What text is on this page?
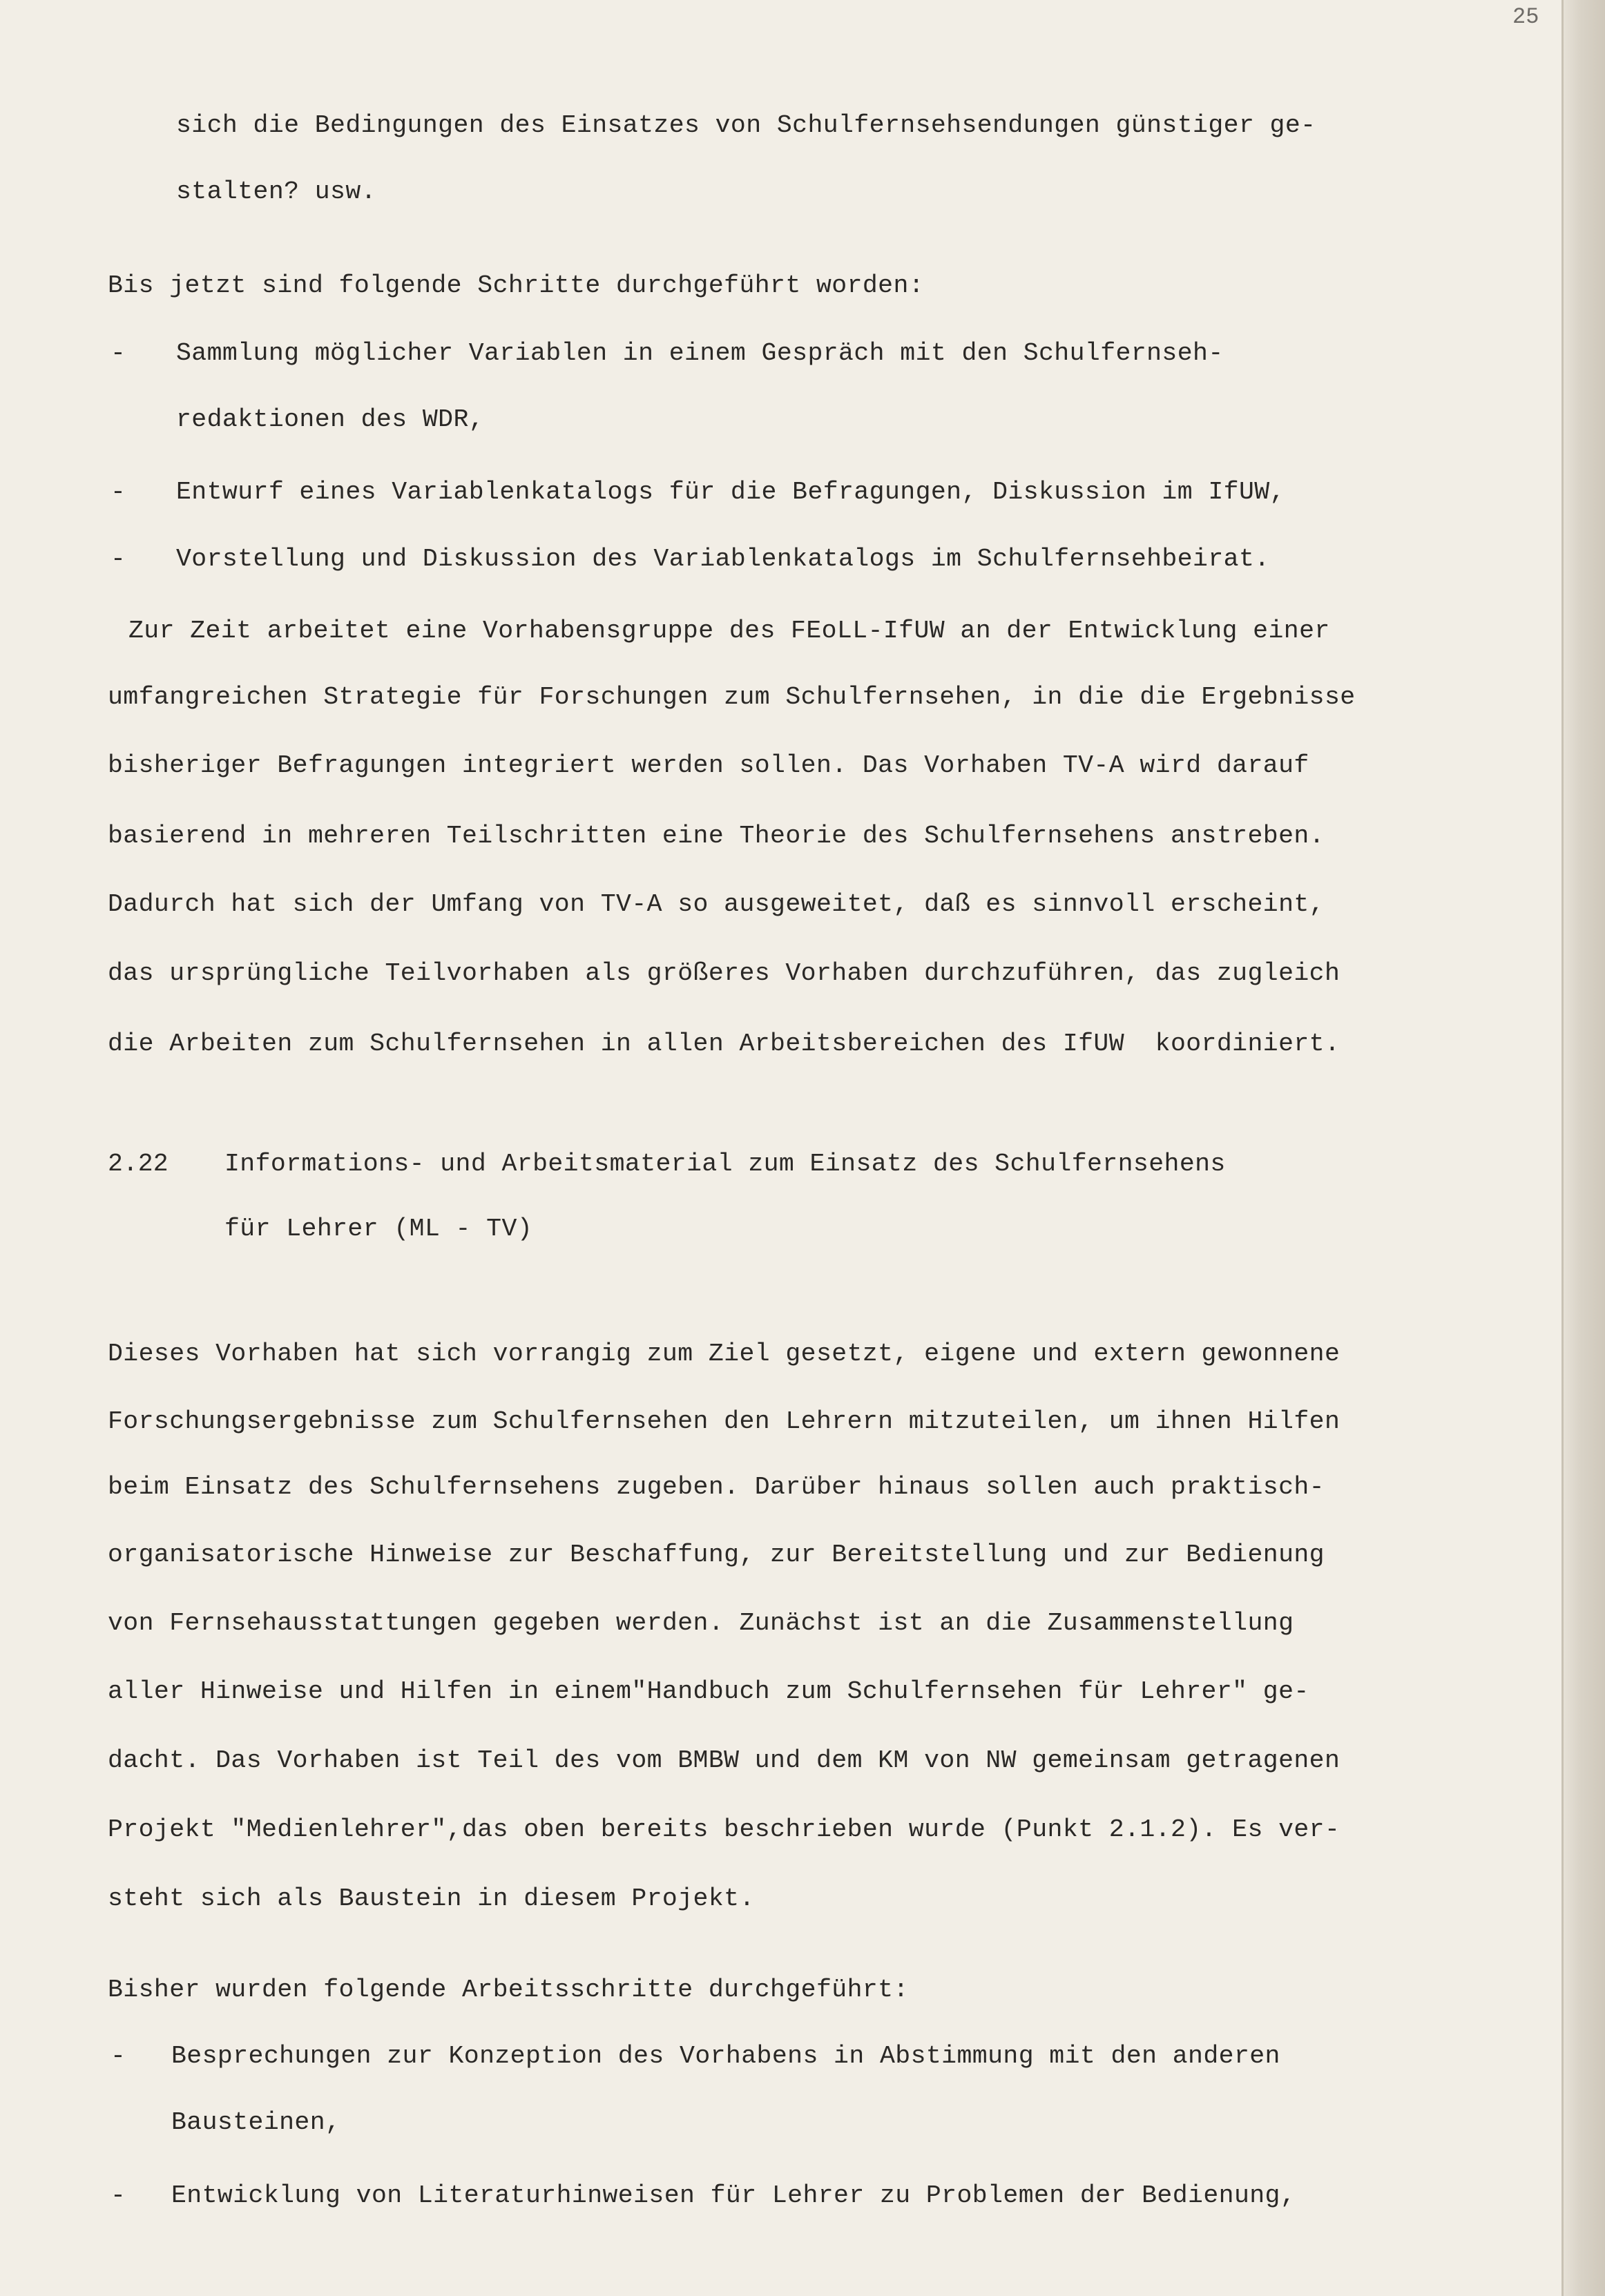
25
sich die Bedingungen des Einsatzes von Schulfernsehsendungen günstiger ge-
stalten? usw.
Bis jetzt sind folgende Schritte durchgeführt worden:
- Sammlung möglicher Variablen in einem Gespräch mit den Schulfernseh-
redaktionen des WDR,
- Entwurf eines Variablenkatalogs für die Befragungen, Diskussion im IfUW,
- Vorstellung und Diskussion des Variablenkatalogs im Schulfernsehbeirat.
Zur Zeit arbeitet eine Vorhabensgruppe des FEoLL-IfUW an der Entwicklung einer
umfangreichen Strategie für Forschungen zum Schulfernsehen, in die die Ergebnisse
bisheriger Befragungen integriert werden sollen. Das Vorhaben TV-A wird darauf
basierend in mehreren Teilschritten eine Theorie des Schulfernsehens anstreben.
Dadurch hat sich der Umfang von TV-A so ausgeweitet, daß es sinnvoll erscheint,
das ursprüngliche Teilvorhaben als größeres Vorhaben durchzuführen, das zugleich
die Arbeiten zum Schulfernsehen in allen Arbeitsbereichen des IfUW  koordiniert.
2.22 Informations- und Arbeitsmaterial zum Einsatz des Schulfernsehens
für Lehrer (ML - TV)
Dieses Vorhaben hat sich vorrangig zum Ziel gesetzt, eigene und extern gewonnene
Forschungsergebnisse zum Schulfernsehen den Lehrern mitzuteilen, um ihnen Hilfen
beim Einsatz des Schulfernsehens zugeben. Darüber hinaus sollen auch praktisch-
organisatorische Hinweise zur Beschaffung, zur Bereitstellung und zur Bedienung
von Fernsehausstattungen gegeben werden. Zunächst ist an die Zusammenstellung
aller Hinweise und Hilfen in einem"Handbuch zum Schulfernsehen für Lehrer" ge-
dacht. Das Vorhaben ist Teil des vom BMBW und dem KM von NW gemeinsam getragenen
Projekt "Medienlehrer",das oben bereits beschrieben wurde (Punkt 2.1.2). Es ver-
steht sich als Baustein in diesem Projekt.
Bisher wurden folgende Arbeitsschritte durchgeführt:
- Besprechungen zur Konzeption des Vorhabens in Abstimmung mit den anderen
Bausteinen,
- Entwicklung von Literaturhinweisen für Lehrer zu Problemen der Bedienung,
